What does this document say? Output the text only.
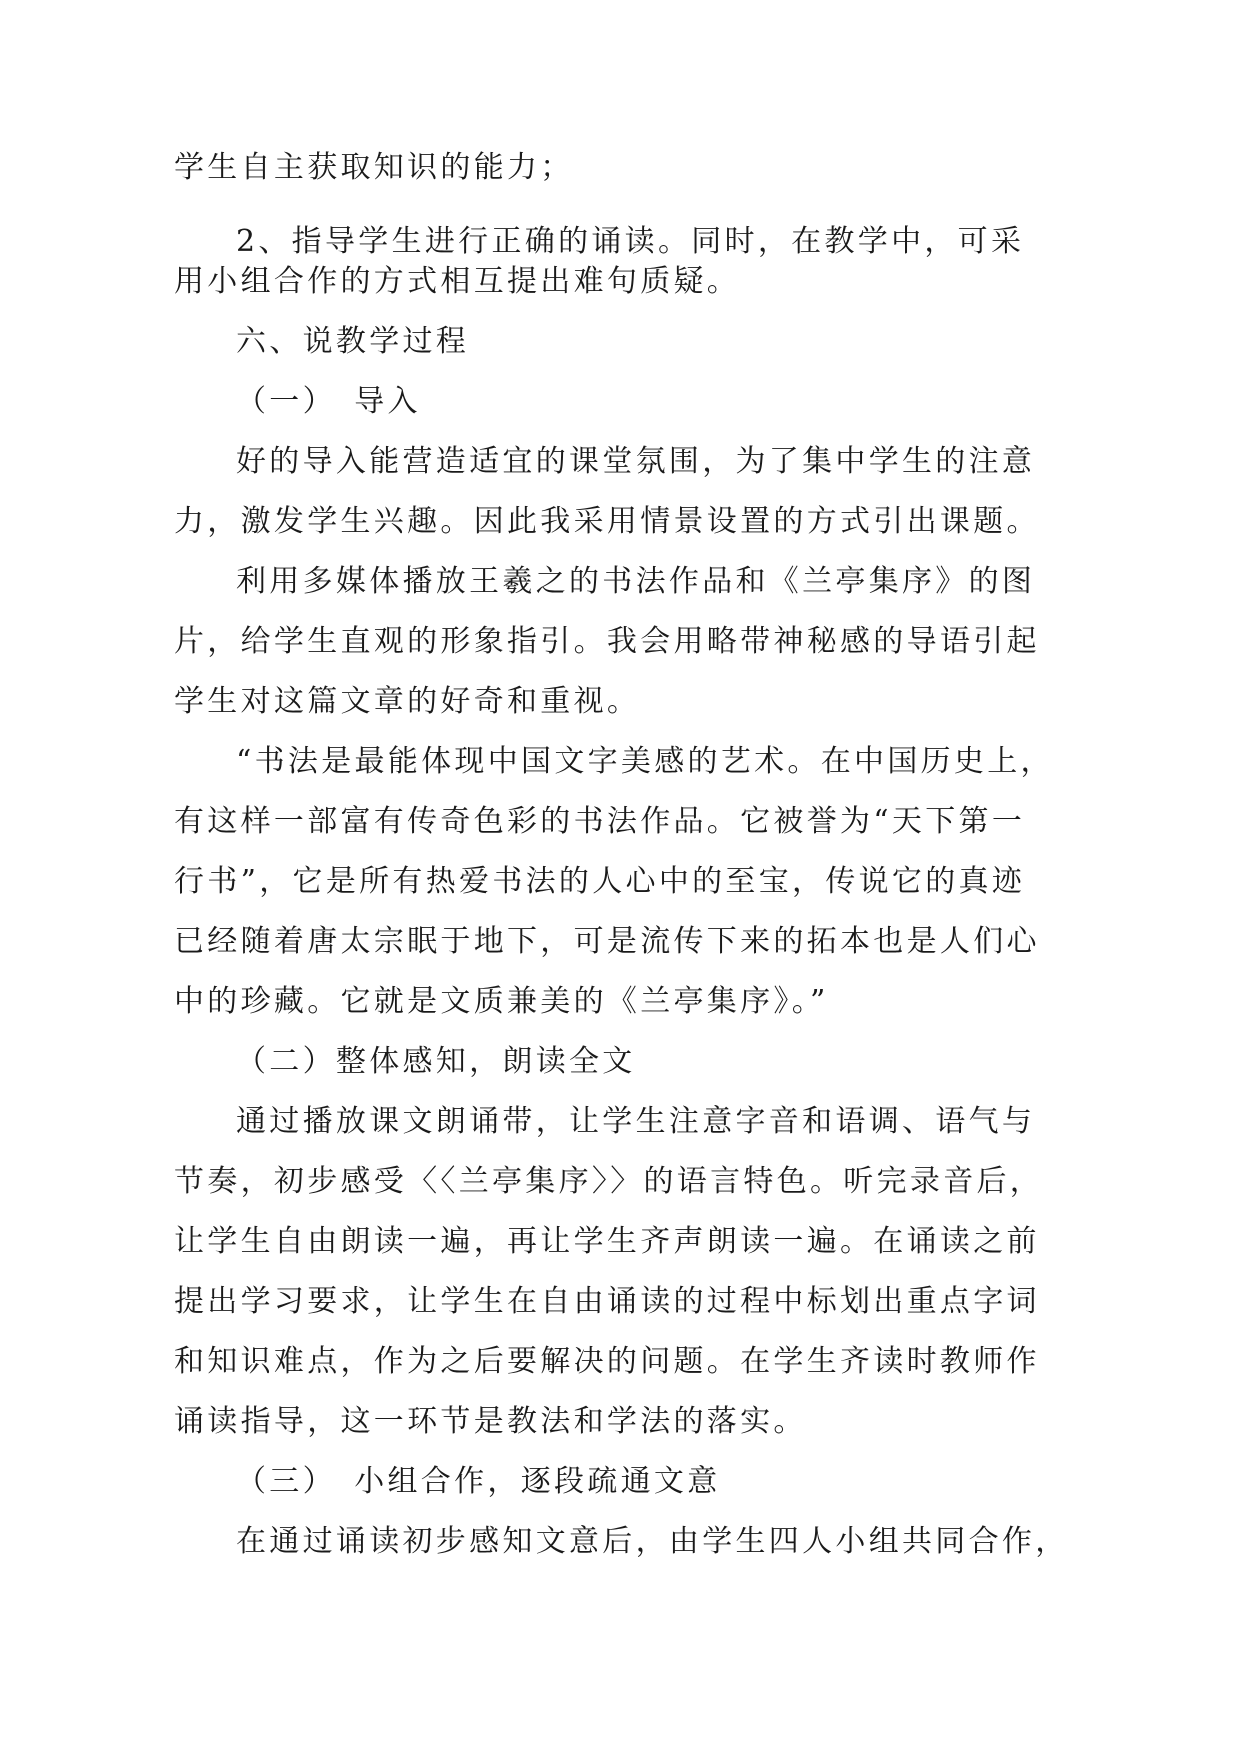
学生自主获取知识的能力；
2、指导学生进行正确的诵读。同时，在教学中，可采
用小组合作的方式相互提出难句质疑。
六、说教学过程
（一）　导入
好的导入能营造适宜的课堂氛围，为了集中学生的注意
力，激发学生兴趣。因此我采用情景设置的方式引出课题。
利用多媒体播放王羲之的书法作品和《兰亭集序》的图
片，给学生直观的形象指引。我会用略带神秘感的导语引起
学生对这篇文章的好奇和重视。
“书法是最能体现中国文字美感的艺术。在中国历史上，
有这样一部富有传奇色彩的书法作品。它被誉为“天下第一
行书”，它是所有热爱书法的人心中的至宝，传说它的真迹
已经随着唐太宗眠于地下，可是流传下来的拓本也是人们心
中的珍藏。它就是文质兼美的《兰亭集序》。”
（二）整体感知，朗读全文
通过播放课文朗诵带，让学生注意字音和语调、语气与
节奏，初步感受〈〈兰亭集序〉〉的语言特色。听完录音后，
让学生自由朗读一遍，再让学生齐声朗读一遍。在诵读之前
提出学习要求，让学生在自由诵读的过程中标划出重点字词
和知识难点，作为之后要解决的问题。在学生齐读时教师作
诵读指导，这一环节是教法和学法的落实。
（三）　小组合作，逐段疏通文意
在通过诵读初步感知文意后，由学生四人小组共同合作，
